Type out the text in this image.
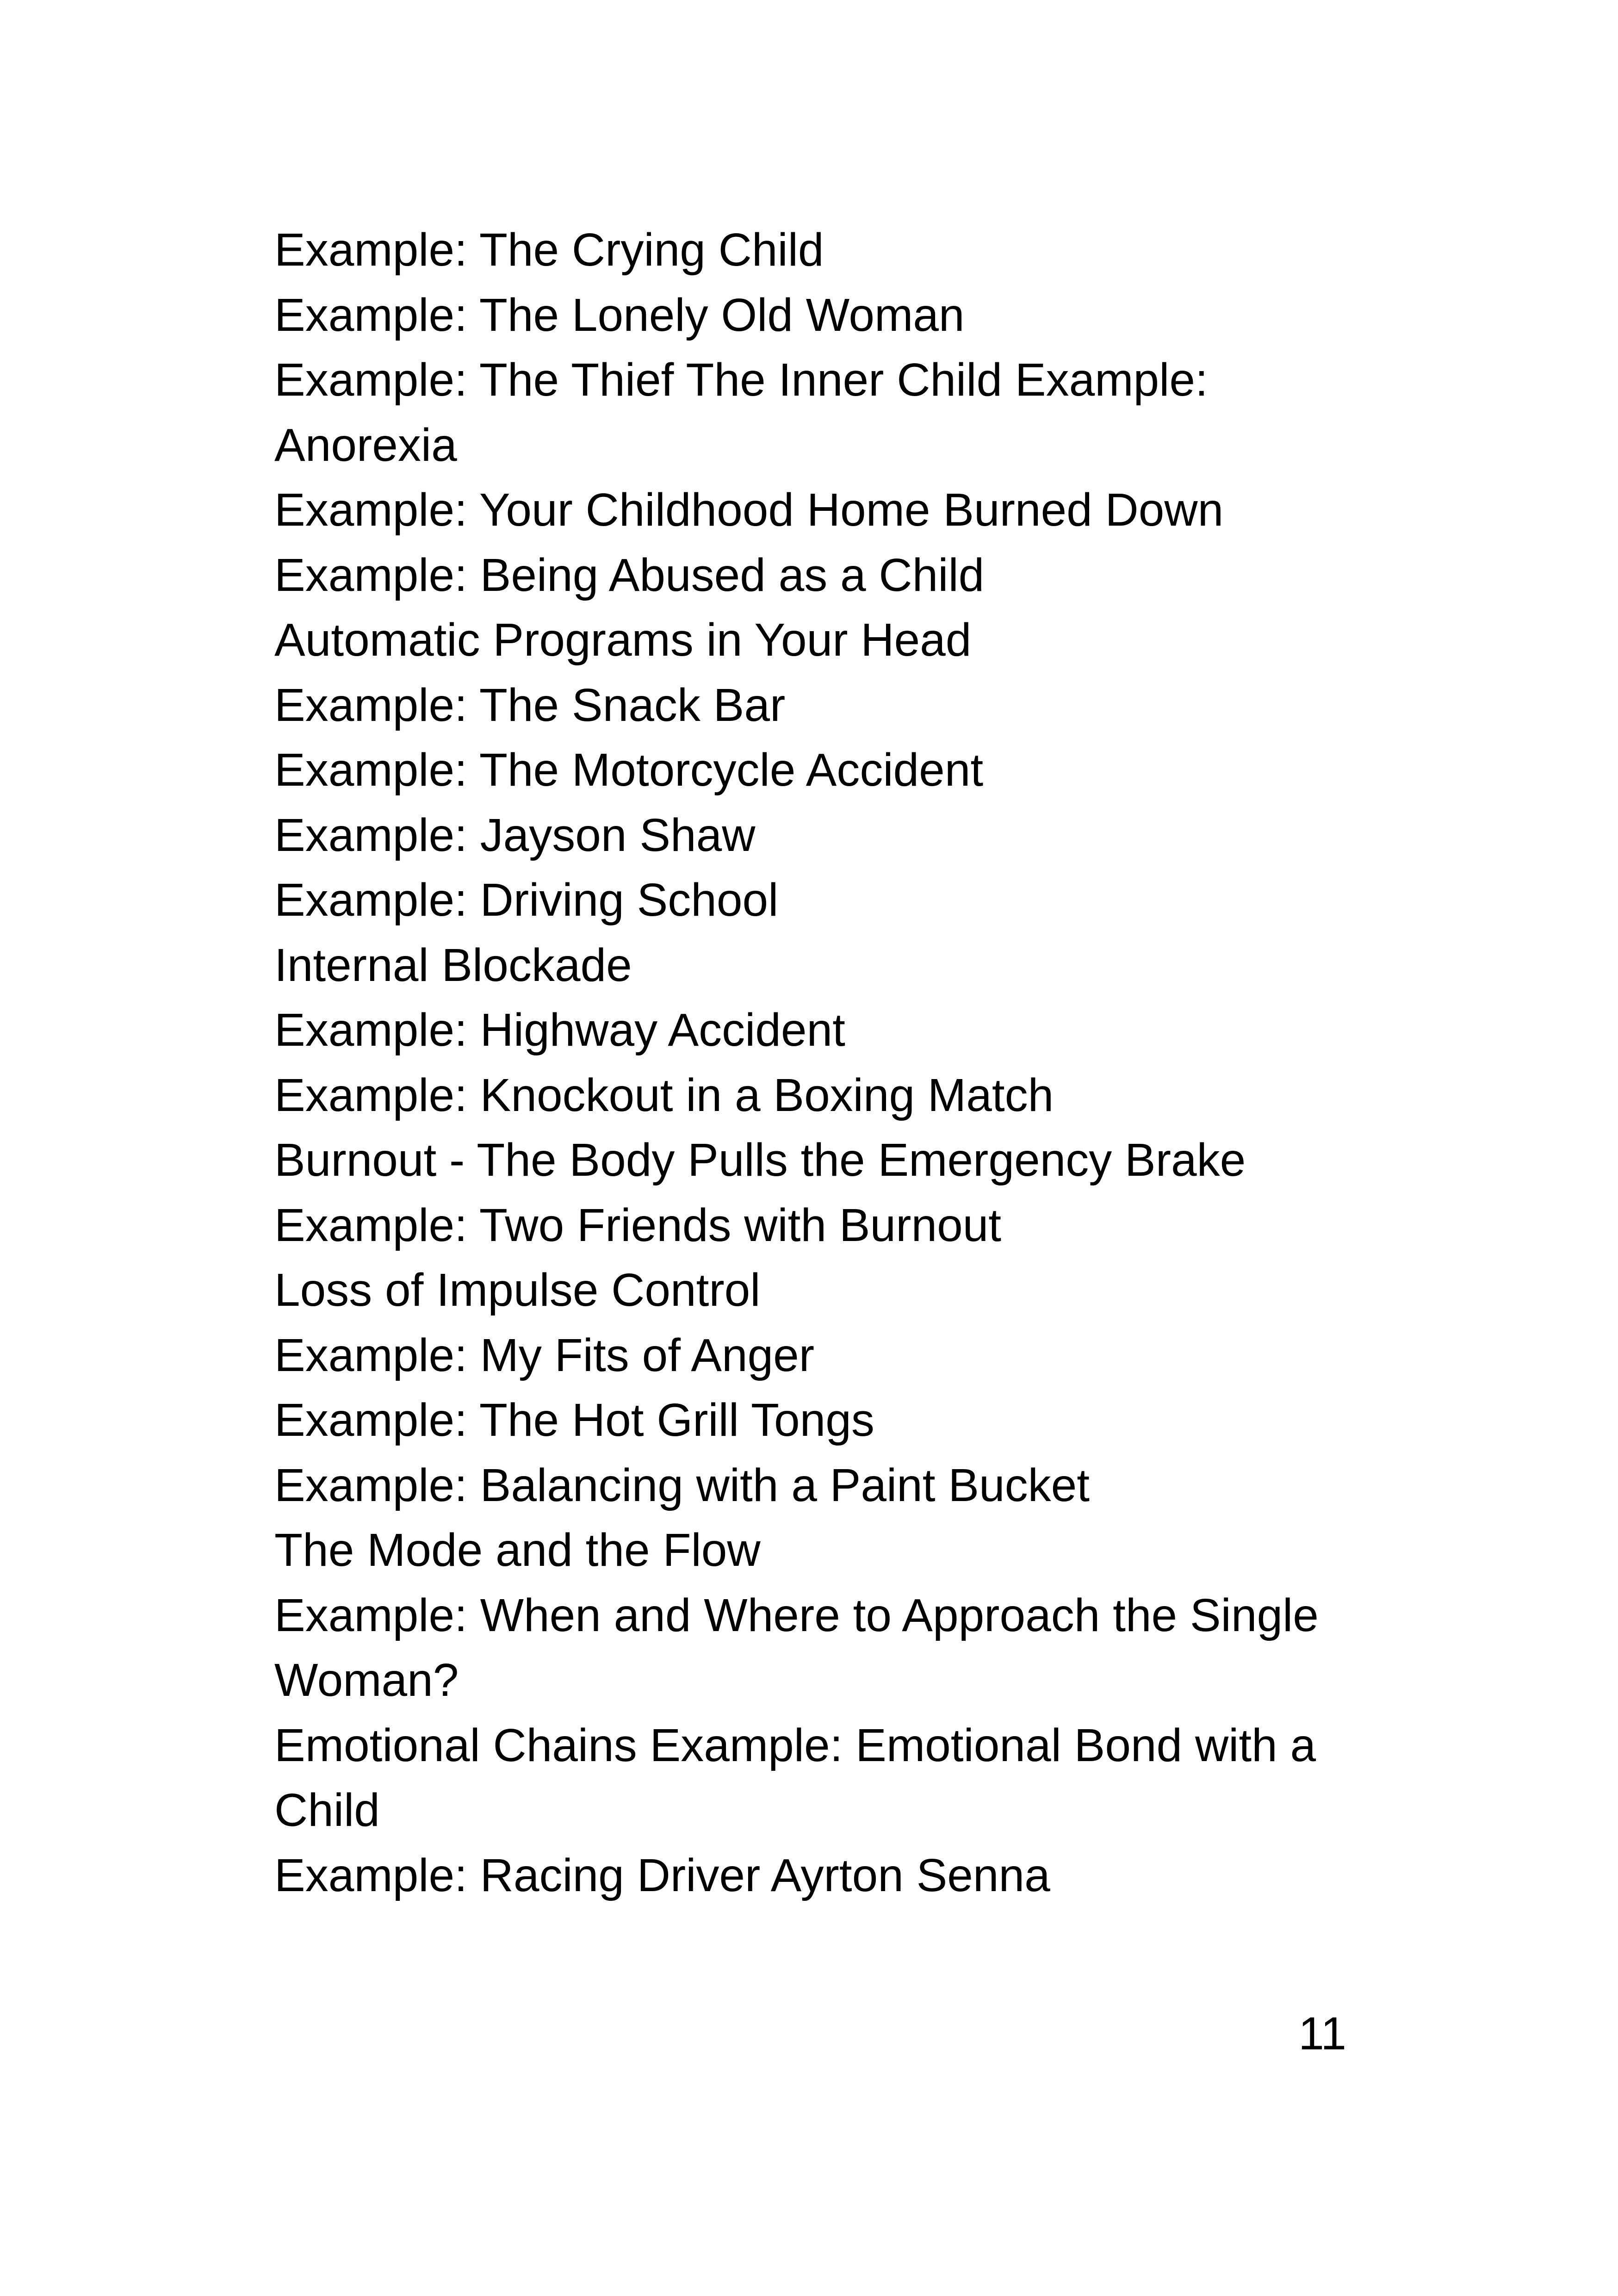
Example: The Crying Child
Example: The Lonely Old Woman
Example: The Thief The Inner Child Example:
Anorexia
Example: Your Childhood Home Burned Down
Example: Being Abused as a Child
Automatic Programs in Your Head
Example: The Snack Bar
Example: The Motorcycle Accident
Example: Jayson Shaw
Example: Driving School
Internal Blockade
Example: Highway Accident
Example: Knockout in a Boxing Match
Burnout - The Body Pulls the Emergency Brake
Example: Two Friends with Burnout
Loss of Impulse Control
Example: My Fits of Anger
Example: The Hot Grill Tongs
Example: Balancing with a Paint Bucket
The Mode and the Flow
Example: When and Where to Approach the Single
Woman?
Emotional Chains Example: Emotional Bond with a
Child
Example: Racing Driver Ayrton Senna
11
